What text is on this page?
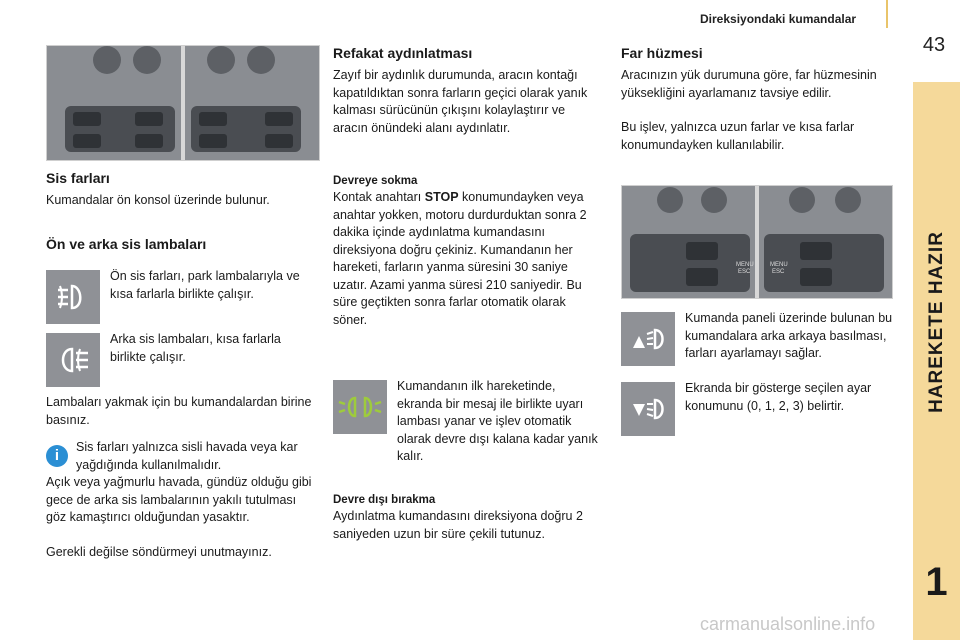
Direksiyondaki kumandalar
43
HAREKETE HAZIR
1
Sis farları
Kumandalar ön konsol üzerinde bulunur.
Ön ve arka sis lambaları
Ön sis farları, park lambalarıyla ve kısa farlarla birlikte çalışır.
Arka sis lambaları, kısa farlarla birlikte çalışır.
Lambaları yakmak için bu kumandalardan birine basınız.
i	Sis farları yalnızca sisli havada veya kar yağdığında kullanılmalıdır.
Açık veya yağmurlu havada, gündüz olduğu gibi gece de arka sis lambalarının yakılı tutulması göz kamaştırıcı olduğundan yasaktır.
Gerekli değilse söndürmeyi unutmayınız.
Refakat aydınlatması
Zayıf bir aydınlık durumunda, aracın kontağı kapatıldıktan sonra farların geçici olarak yanık kalması sürücünün çıkışını kolaylaştırır ve aracın önündeki alanı aydınlatır.
Devreye sokma
Kontak anahtarı STOP konumundayken veya anahtar yokken, motoru durdurduktan sonra 2 dakika içinde aydınlatma kumandasını direksiyona doğru çekiniz. Kumandanın her hareketi, farların yanma süresini 30 saniye uzatır. Azami yanma süresi 210 saniyedir. Bu süre geçtikten sonra farlar otomatik olarak söner.
Kumandanın ilk hareketinde, ekranda bir mesaj ile birlikte uyarı lambası yanar ve işlev otomatik olarak devre dışı kalana kadar yanık kalır.
Devre dışı bırakma
Aydınlatma kumandasını direksiyona doğru 2 saniyeden uzun bir süre çekili tutunuz.
Far hüzmesi
Aracınızın yük durumuna göre, far hüzmesinin yüksekliğini ayarlamanız tavsiye edilir.
Bu işlev, yalnızca uzun farlar ve kısa farlar konumundayken kullanılabilir.
MENU
ESC
MENU
ESC
Kumanda paneli üzerinde bulunan bu kumandalara arka arkaya basılması, farları ayarlamayı sağlar.
Ekranda bir gösterge seçilen ayar konumunu (0, 1, 2, 3) belirtir.
carmanualsonline.info
